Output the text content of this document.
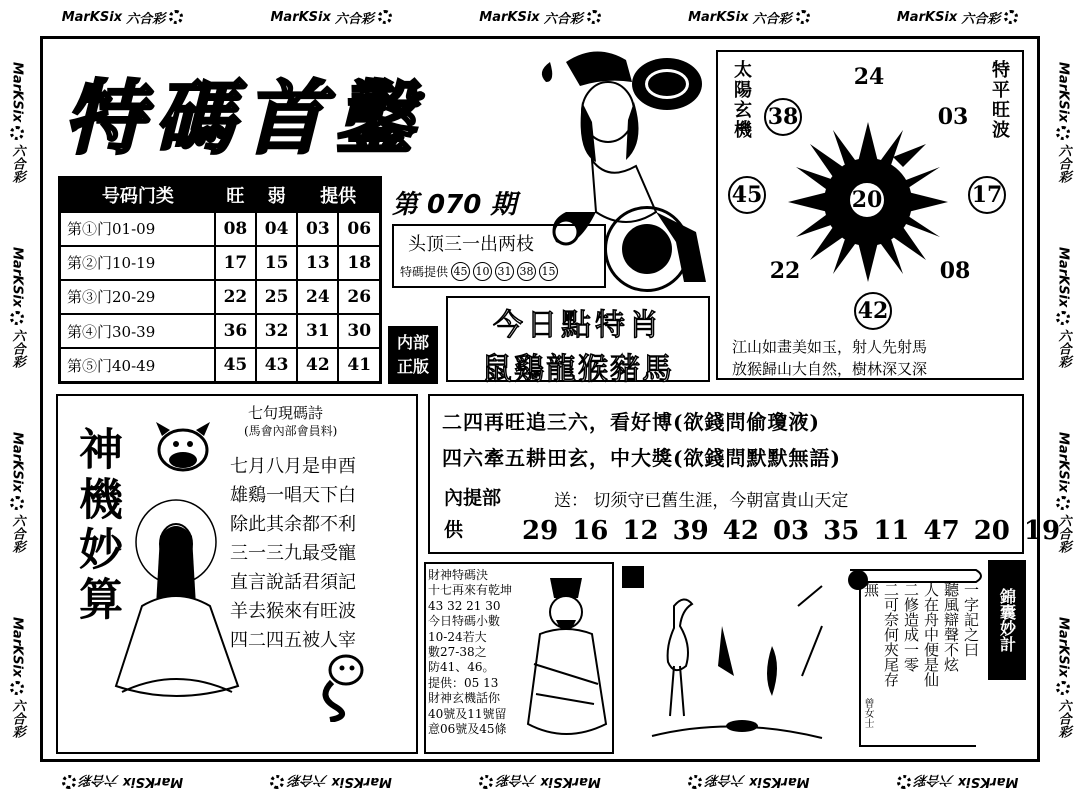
MarKSix 六合彩	MarKSix 六合彩	MarKSix 六合彩	MarKSix 六合彩	MarKSix 六合彩
MarKSix
六合彩
MarKSix
六合彩
MarKSix
六合彩
MarKSix
六合彩
MarKSix
六合彩
MarKSix
六合彩
MarKSix
六合彩
MarKSix
六合彩
MarKSix
六合彩
MarKSix
六合彩
MarKSix
六合彩
MarKSix
六合彩
MarKSix
六合彩
特碼首鑿
号码门类	旺	弱	提供	
第①门01-09	08	04	03	06
第②门10-19	17	15	13	18
第③门20-29	22	25	24	26
第④门30-39	36	32	31	30
第⑤门40-49	45	43	42	41
第 070 期
头顶三一出两枝
特碼提供 45 10 31 38 15
内部正版
今日點特肖
鼠鷄龍猴豬馬
太陽玄機	特平旺波
20
24
03
17
08
42
22
45
38
江山如畫美如玉，射人先射馬
放猴歸山大自然，樹林深又深
神機妙算
七句現碼詩
(馬會內部會員料)
七月八月是申酉
雄鷄一唱天下白
除此其余都不利
三一三九最受寵
直言說話君須記
羊去猴來有旺波
四二四五被人宰
二四再旺追三六，看好博(欲錢問偷瓊液)
四六牽五耕田玄，中大獎(欲錢問默默無語)
內提部供
送： 切须守已舊生涯，今朝富貴山天定
29 16 12 39 42 03 35 11 47 20 19
財神特碼決
十七再來有乾坤
43 32 21 30
今日特碼小數
10-24若大
數27-38之
防41、46。
提供：05 13
財神玄機話你
40號及11號留
意06號及45條
一字記之曰
聽風辯聲不炫
人在舟中便是仙
二修造成一零
二可奈何夾尾存
無
曾女士
錦囊妙計
